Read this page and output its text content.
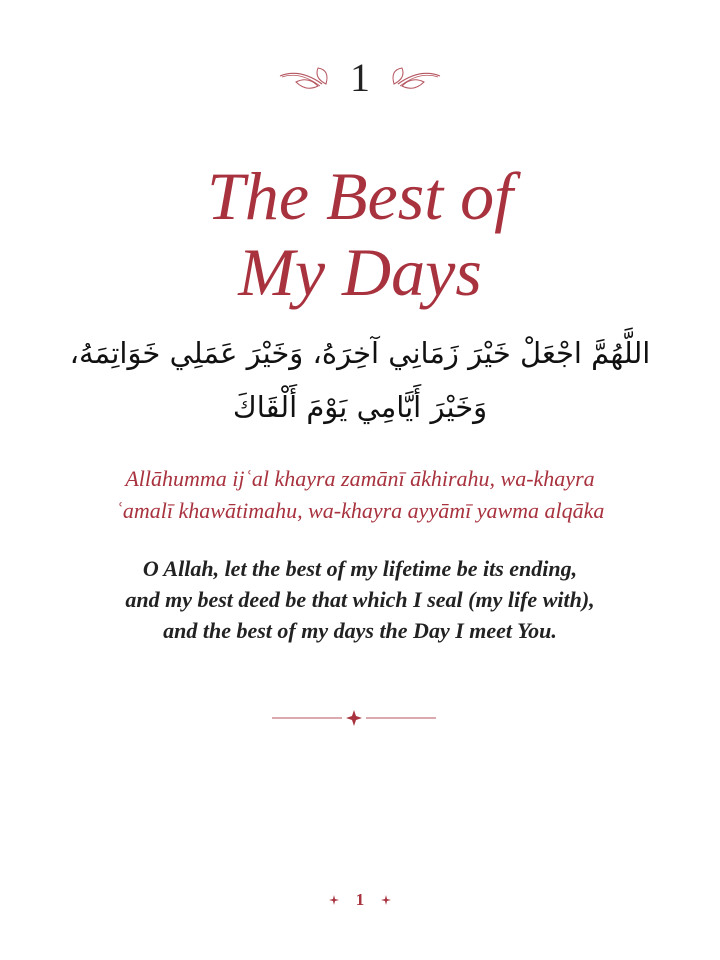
1
The Best of
My Days
اللَّهُمَّ اجْعَلْ خَيْرَ زَمَانِي آخِرَهُ، وَخَيْرَ عَمَلِي خَوَاتِمَهُ،
وَخَيْرَ أَيَّامِي يَوْمَ أَلْقَاكَ
Allāhumma ijʿal khayra zamānī ākhirahu, wa-khayra
ʿamalī khawātimahu, wa-khayra ayyāmī yawma alqāka
O Allah, let the best of my lifetime be its ending,
and my best deed be that which I seal (my life with),
and the best of my days the Day I meet You.
1
